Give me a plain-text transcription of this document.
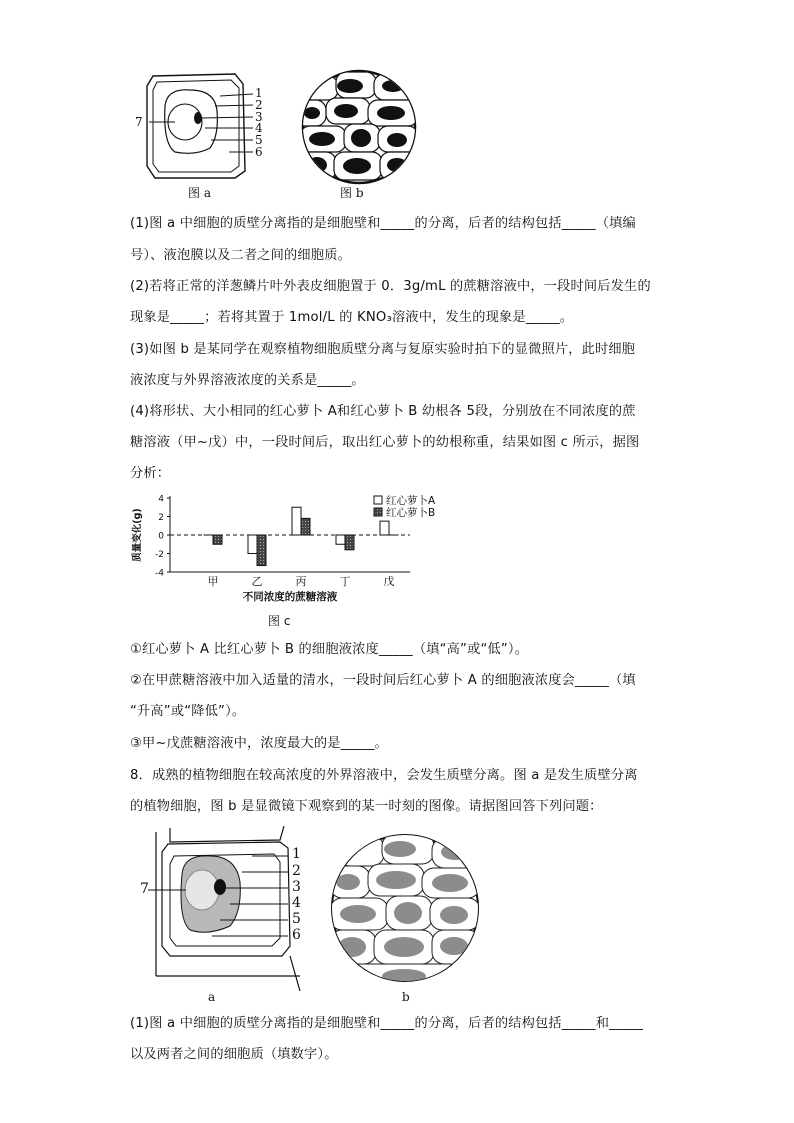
1
2
3
4
5
6
7
图 a	图 b
(1)图 a 中细胞的质壁分离指的是细胞壁和_____的分离，后者的结构包括_____（填编
号）、液泡膜以及二者之间的细胞质。
(2)若将正常的洋葱鳞片叶外表皮细胞置于 0．3g/mL 的蔗糖溶液中，一段时间后发生的
现象是_____；若将其置于 1mol/L 的 KNO₃溶液中，发生的现象是_____。
(3)如图 b 是某同学在观察植物细胞质壁分离与复原实验时拍下的显微照片，此时细胞
液浓度与外界溶液浓度的关系是_____。
(4)将形状、大小相同的红心萝卜 A和红心萝卜 B 幼根各 5段，分别放在不同浓度的蔗
糖溶液（甲~戊）中，一段时间后，取出红心萝卜的幼根称重，结果如图 c 所示，据图
分析：
4
2
0
-2
-4
质量变化(g)
甲	乙	丙	丁	戊
不同浓度的蔗糖溶液
红心萝卜A
红心萝卜B
图 c
①红心萝卜 A 比红心萝卜 B 的细胞液浓度_____（填“高”或“低”）。
②在甲蔗糖溶液中加入适量的清水，一段时间后红心萝卜 A 的细胞液浓度会_____（填
“升高”或“降低”）。
③甲~戊蔗糖溶液中，浓度最大的是_____。
8．成熟的植物细胞在较高浓度的外界溶液中，会发生质壁分离。图 a 是发生质壁分离
的植物细胞，图 b 是显微镜下观察到的某一时刻的图像。请据图回答下列问题：
1
2
3
4
5
6
7
a	b
(1)图 a 中细胞的质壁分离指的是细胞壁和_____的分离，后者的结构包括_____和_____
以及两者之间的细胞质（填数字）。
